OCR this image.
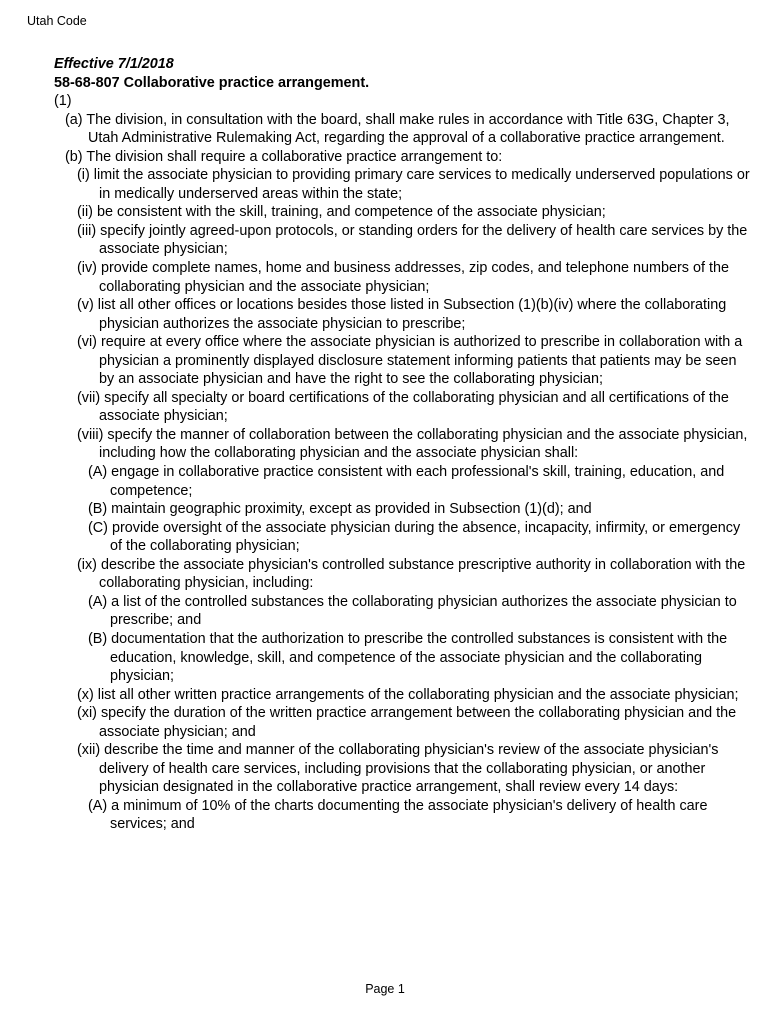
Utah Code
Effective 7/1/2018
58-68-807 Collaborative practice arrangement.

(1)

(a) The division, in consultation with the board, shall make rules in accordance with Title 63G, Chapter 3, Utah Administrative Rulemaking Act, regarding the approval of a collaborative practice arrangement.

(b) The division shall require a collaborative practice arrangement to:

(i) limit the associate physician to providing primary care services to medically underserved populations or in medically underserved areas within the state;

(ii) be consistent with the skill, training, and competence of the associate physician;

(iii) specify jointly agreed-upon protocols, or standing orders for the delivery of health care services by the associate physician;

(iv) provide complete names, home and business addresses, zip codes, and telephone numbers of the collaborating physician and the associate physician;

(v) list all other offices or locations besides those listed in Subsection (1)(b)(iv) where the collaborating physician authorizes the associate physician to prescribe;

(vi) require at every office where the associate physician is authorized to prescribe in collaboration with a physician a prominently displayed disclosure statement informing patients that patients may be seen by an associate physician and have the right to see the collaborating physician;

(vii) specify all specialty or board certifications of the collaborating physician and all certifications of the associate physician;

(viii) specify the manner of collaboration between the collaborating physician and the associate physician, including how the collaborating physician and the associate physician shall:

(A) engage in collaborative practice consistent with each professional's skill, training, education, and competence;

(B) maintain geographic proximity, except as provided in Subsection (1)(d); and

(C) provide oversight of the associate physician during the absence, incapacity, infirmity, or emergency of the collaborating physician;

(ix) describe the associate physician's controlled substance prescriptive authority in collaboration with the collaborating physician, including:

(A) a list of the controlled substances the collaborating physician authorizes the associate physician to prescribe; and

(B) documentation that the authorization to prescribe the controlled substances is consistent with the education, knowledge, skill, and competence of the associate physician and the collaborating physician;

(x) list all other written practice arrangements of the collaborating physician and the associate physician;

(xi) specify the duration of the written practice arrangement between the collaborating physician and the associate physician; and

(xii) describe the time and manner of the collaborating physician's review of the associate physician's delivery of health care services, including provisions that the collaborating physician, or another physician designated in the collaborative practice arrangement, shall review every 14 days:

(A) a minimum of 10% of the charts documenting the associate physician's delivery of health care services; and

Page 1
